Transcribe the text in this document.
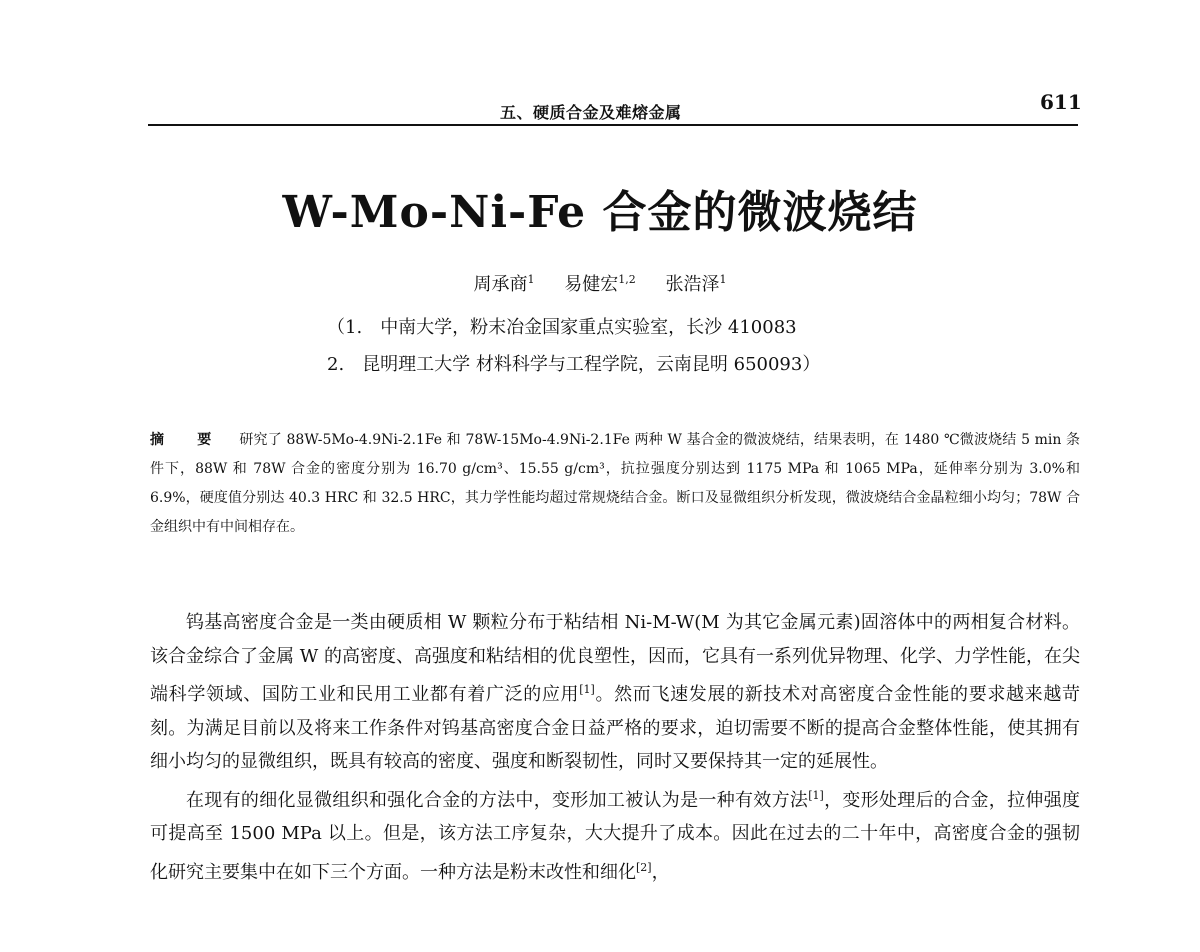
五、硬质合金及难熔金属	611
W-Mo-Ni-Fe 合金的微波烧结
周承商$^1$ 易健宏$^{1,2}$ 张浩泽$^1$
（1. 中南大学，粉末冶金国家重点实验室，长沙 410083
2. 昆明理工大学 材料科学与工程学院，云南昆明 650093）
摘 要 研究了 88W-5Mo-4.9Ni-2.1Fe 和 78W-15Mo-4.9Ni-2.1Fe 两种 W 基合金的微波烧结，结果表明，在 1480 ℃微波烧结 5 min 条件下，88W 和 78W 合金的密度分别为 16.70 g/cm³、15.55 g/cm³，抗拉强度分别达到 1175 MPa 和 1065 MPa，延伸率分别为 3.0%和 6.9%，硬度值分别达 40.3 HRC 和 32.5 HRC，其力学性能均超过常规烧结合金。断口及显微组织分析发现，微波烧结合金晶粒细小均匀；78W 合金组织中有中间相存在。

钨基高密度合金是一类由硬质相 W 颗粒分布于粘结相 Ni-M-W(M 为其它金属元素)固溶体中的两相复合材料。该合金综合了金属 W 的高密度、高强度和粘结相的优良塑性，因而，它具有一系列优异物理、化学、力学性能，在尖端科学领域、国防工业和民用工业都有着广泛的应用[1]。然而飞速发展的新技术对高密度合金性能的要求越来越苛刻。为满足目前以及将来工作条件对钨基高密度合金日益严格的要求，迫切需要不断的提高合金整体性能，使其拥有细小均匀的显微组织，既具有较高的密度、强度和断裂韧性，同时又要保持其一定的延展性。

在现有的细化显微组织和强化合金的方法中，变形加工被认为是一种有效方法[1]，变形处理后的合金，拉伸强度可提高至 1500 MPa 以上。但是，该方法工序复杂，大大提升了成本。因此在过去的二十年中，高密度合金的强韧化研究主要集中在如下三个方面。一种方法是粉末改性和细化[2]，
